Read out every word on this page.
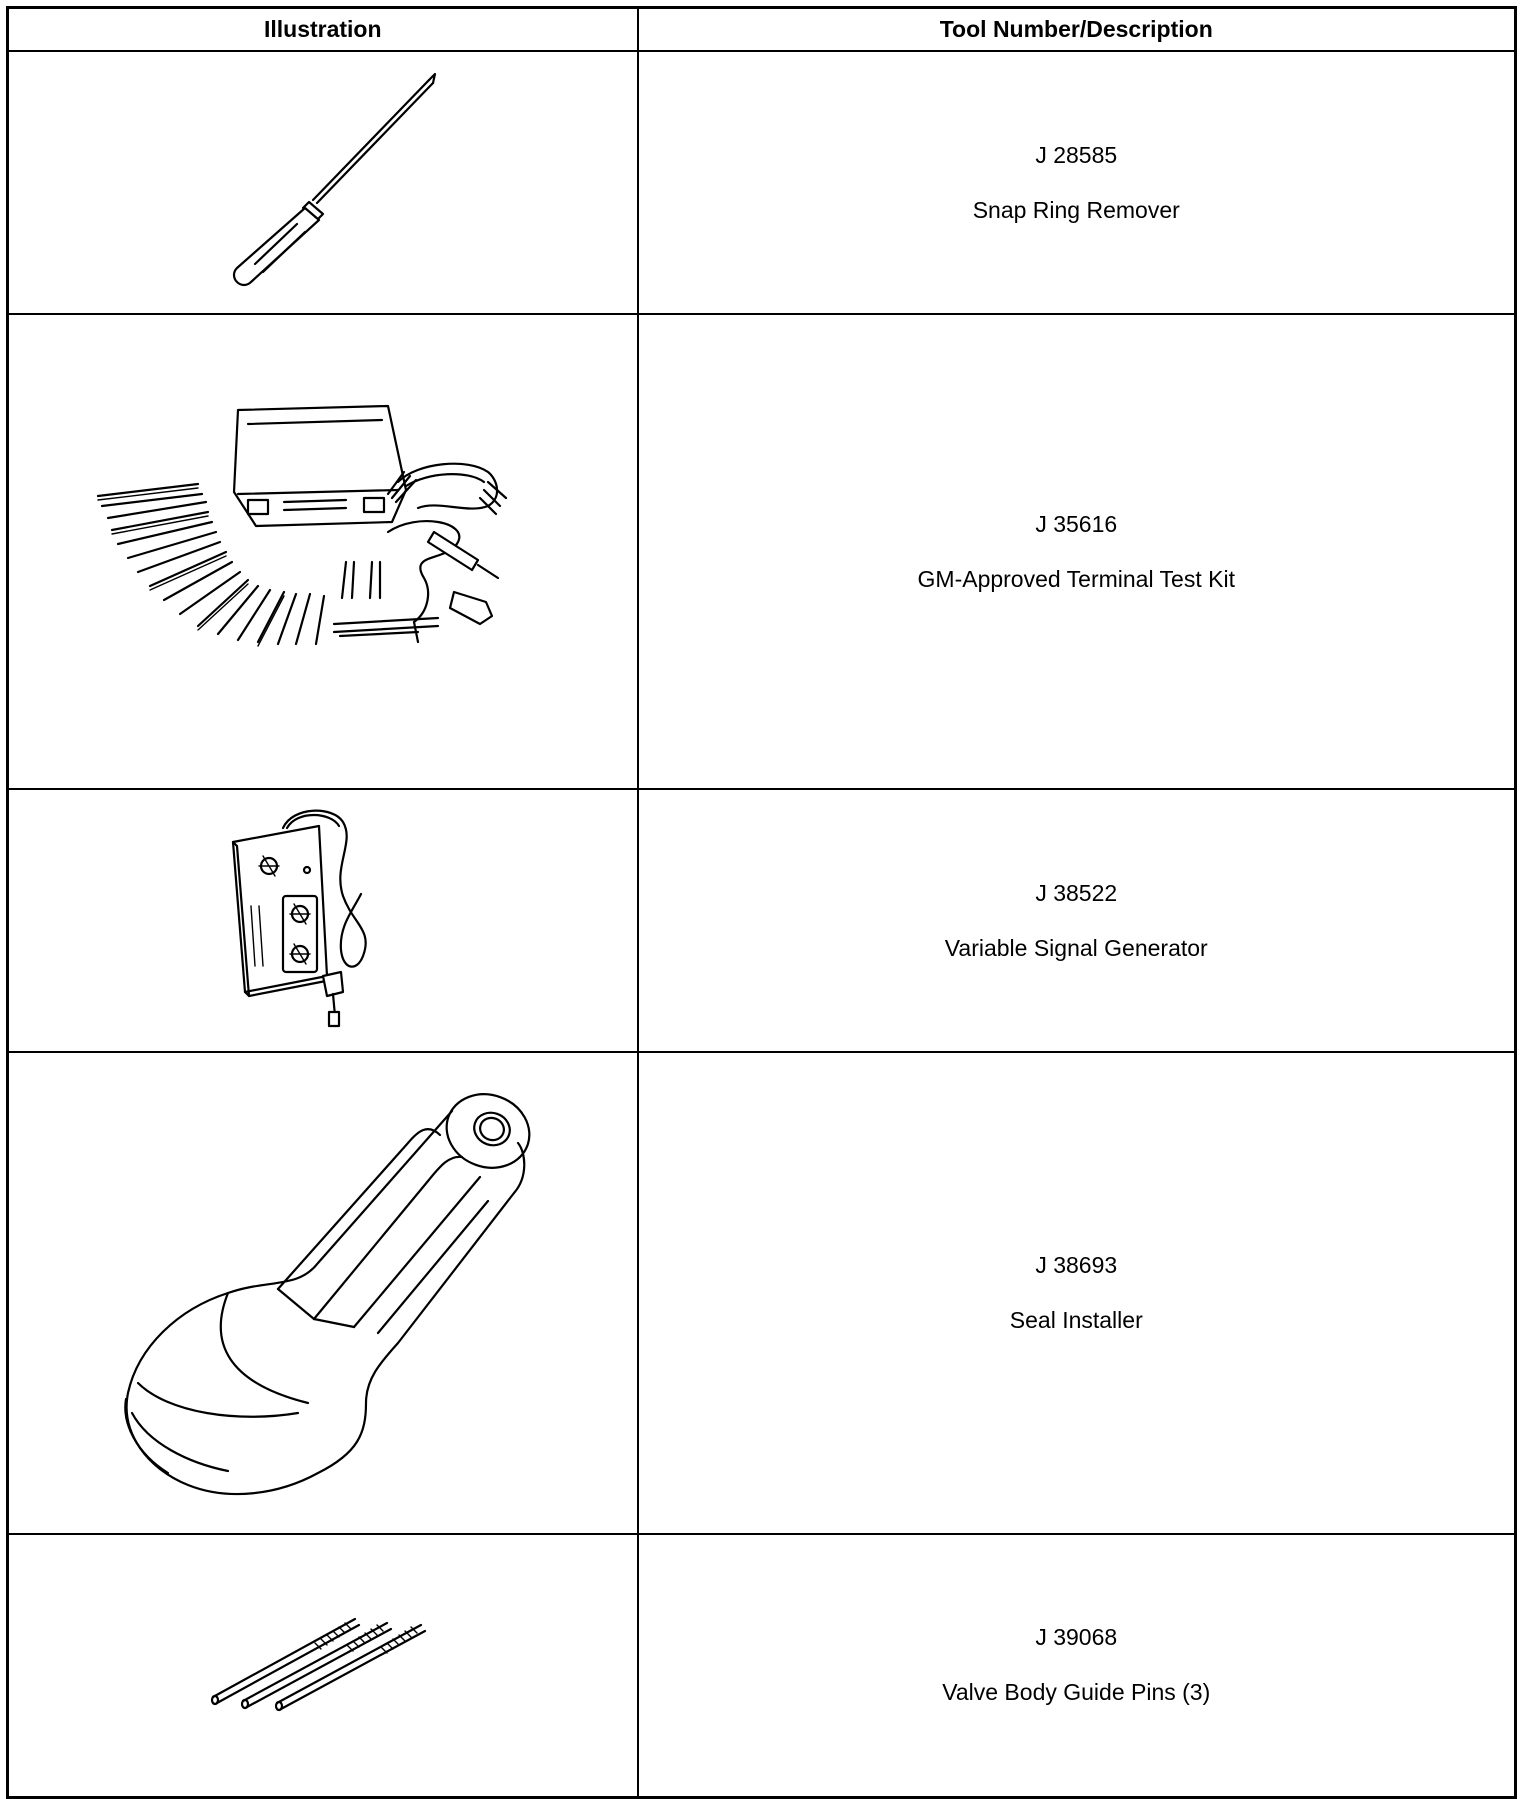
Illustration	Tool Number/Description

J 28585
Snap Ring Remover

J 35616
GM-Approved Terminal Test Kit

J 38522
Variable Signal Generator

J 38693
Seal Installer

J 39068
Valve Body Guide Pins (3)
